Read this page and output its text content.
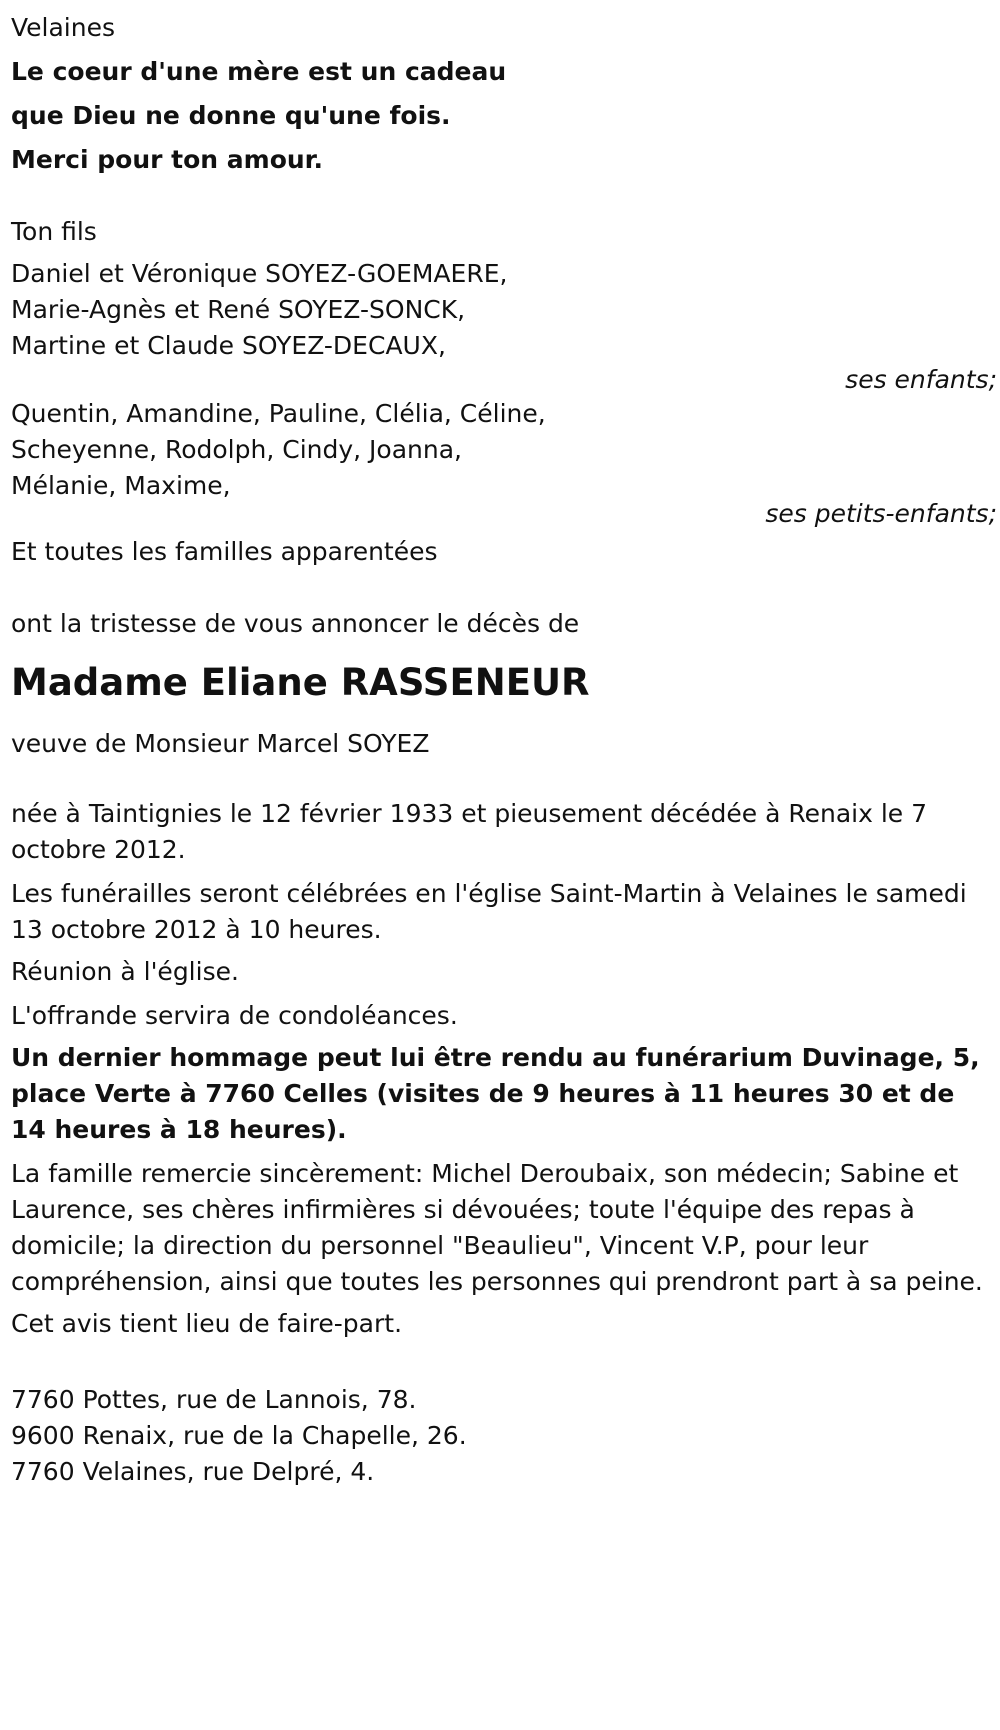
Velaines

Le coeur d'une mère est un cadeau

que Dieu ne donne qu'une fois.

Merci pour ton amour.

Ton fils

Daniel et Véronique SOYEZ-GOEMAERE,

Marie-Agnès et René SOYEZ-SONCK,

Martine et Claude SOYEZ-DECAUX,

ses enfants;

Quentin, Amandine, Pauline, Clélia, Céline,

Scheyenne, Rodolph, Cindy, Joanna,

Mélanie, Maxime,

ses petits-enfants;

Et toutes les familles apparentées

ont la tristesse de vous annoncer le décès de

Madame Eliane RASSENEUR

veuve de Monsieur Marcel SOYEZ

née à Taintignies le 12 février 1933 et pieusement décédée à Renaix le 7 octobre 2012.

Les funérailles seront célébrées en l'église Saint-Martin à Velaines le samedi 13 octobre 2012 à 10 heures.

Réunion à l'église.

L'offrande servira de condoléances.

Un dernier hommage peut lui être rendu au funérarium Duvinage, 5, place Verte à 7760 Celles (visites de 9 heures à 11 heures 30 et de 14 heures à 18 heures).

La famille remercie sincèrement: Michel Deroubaix, son médecin; Sabine et Laurence, ses chères infirmières si dévouées; toute l'équipe des repas à domicile; la direction du personnel "Beaulieu", Vincent V.P, pour leur compréhension, ainsi que toutes les personnes qui prendront part à sa peine.

Cet avis tient lieu de faire-part.

7760 Pottes, rue de Lannois, 78.

9600 Renaix, rue de la Chapelle, 26.

7760 Velaines, rue Delpré, 4.
